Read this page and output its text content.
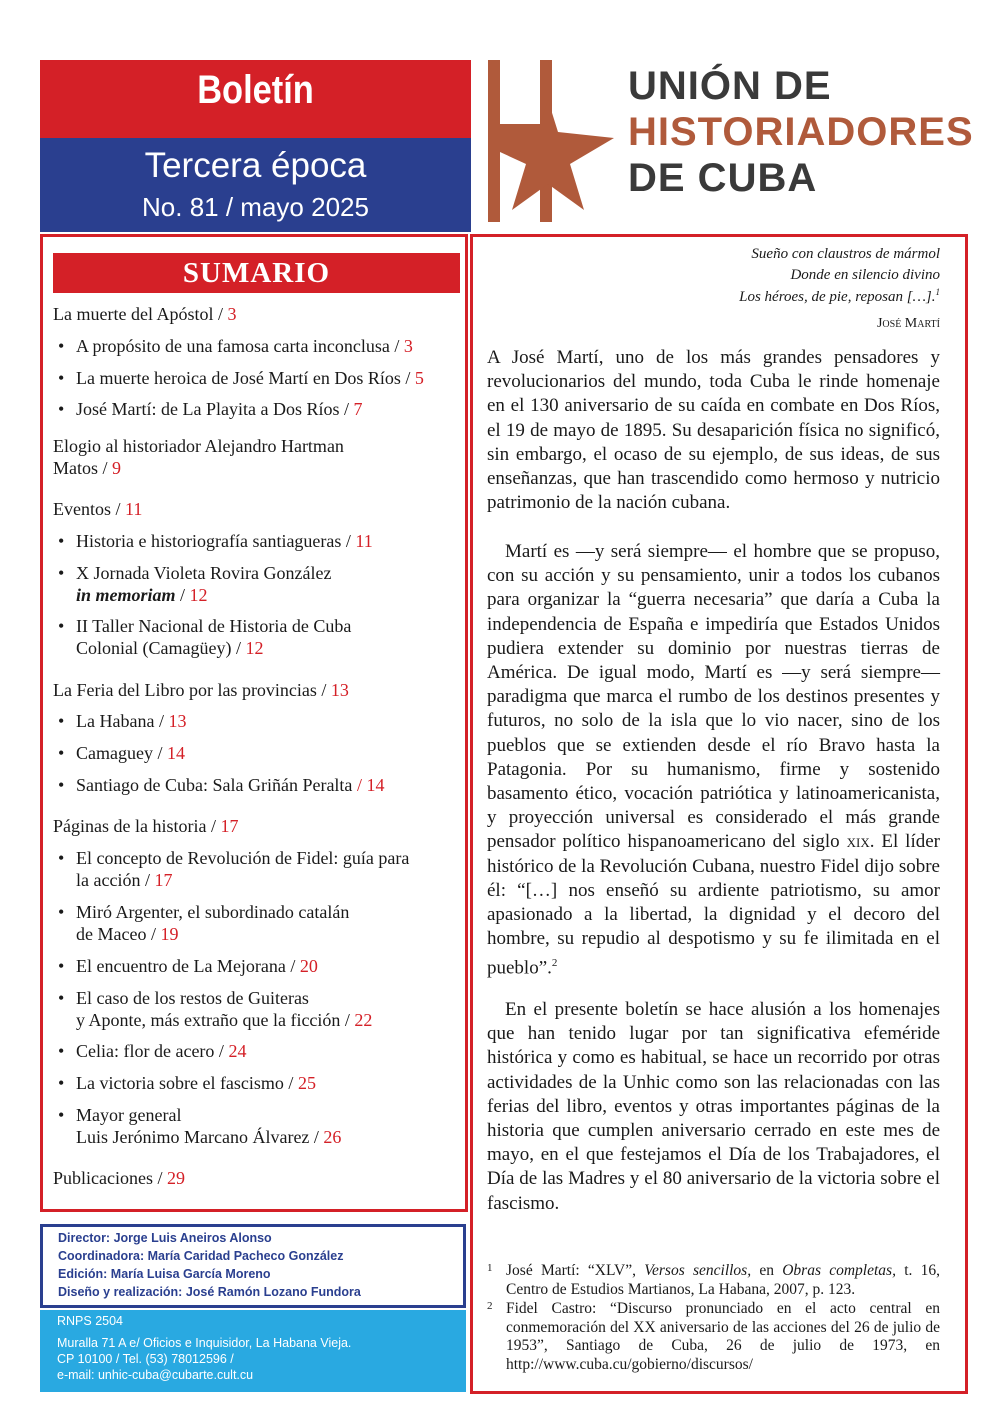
Boletín
Tercera época
No. 81 / mayo 2025
UNIÓN DE
HISTORIADORES
DE CUBA
SUMARIO
La muerte del Apóstol / 3
• A propósito de una famosa carta inconclusa / 3
• La muerte heroica de José Martí en Dos Ríos / 5
• José Martí: de La Playita a Dos Ríos / 7
Elogio al historiador Alejandro Hartman
Matos / 9
Eventos / 11
• Historia e historiografía santiagueras / 11
• X Jornada Violeta Rovira González
in memoriam / 12
• II Taller Nacional de Historia de Cuba
Colonial (Camagüey) / 12
La Feria del Libro por las provincias / 13
• La Habana / 13
• Camaguey / 14
• Santiago de Cuba: Sala Griñán Peralta / 14
Páginas de la historia / 17
• El concepto de Revolución de Fidel: guía para
la acción / 17
• Miró Argenter, el subordinado catalán
de Maceo / 19
• El encuentro de La Mejorana / 20
• El caso de los restos de Guiteras
y Aponte, más extraño que la ficción / 22
• Celia: flor de acero / 24
• La victoria sobre el fascismo / 25
• Mayor general
Luis Jerónimo Marcano Álvarez / 26
Publicaciones / 29
Director: Jorge Luis Aneiros Alonso
Coordinadora: María Caridad Pacheco González
Edición: María Luisa García Moreno
Diseño y realización: José Ramón Lozano Fundora
RNPS 2504
Muralla 71 A e/ Oficios e Inquisidor, La Habana Vieja.
CP 10100 / Tel. (53) 78012596 /
e-mail: unhic-cuba@cubarte.cult.cu
Sueño con claustros de mármol
Donde en silencio divino
Los héroes, de pie, reposan […].$^1$
José Martí
A José Martí, uno de los más grandes pensadores y revolucionarios del mundo, toda Cuba le rinde homenaje en el 130 aniversario de su caída en combate en Dos Ríos, el 19 de mayo de 1895. Su desaparición física no significó, sin embargo, el ocaso de su ejemplo, de sus ideas, de sus enseñanzas, que han trascendido como hermoso y nutricio patrimonio de la nación cubana.
Martí es —y será siempre— el hombre que se propuso, con su acción y su pensamiento, unir a todos los cubanos para organizar la “guerra necesaria” que daría a Cuba la independencia de España e impediría que Estados Unidos pudiera extender su dominio por nuestras tierras de América. De igual modo, Martí es —y será siempre— paradigma que marca el rumbo de los destinos presentes y futuros, no solo de la isla que lo vio nacer, sino de los pueblos que se extienden desde el río Bravo hasta la Patagonia. Por su humanismo, firme y sostenido basamento ético, vocación patriótica y latinoamericanista, y proyección universal es considerado el más grande pensador político hispanoamericano del siglo xix. El líder histórico de la Revolución Cubana, nuestro Fidel dijo sobre él: “[…] nos enseñó su ardiente patriotismo, su amor apasionado a la libertad, la dignidad y el decoro del hombre, su repudio al despotismo y su fe ilimitada en el pueblo”.$^2$
En el presente boletín se hace alusión a los homenajes que han tenido lugar por tan significativa efeméride histórica y como es habitual, se hace un recorrido por otras actividades de la Unhic como son las relacionadas con las ferias del libro, eventos y otras importantes páginas de la historia que cumplen aniversario cerrado en este mes de mayo, en el que festejamos el Día de los Trabajadores, el Día de las Madres y el 80 aniversario de la victoria sobre el fascismo.
1 José Martí: “XLV”, Versos sencillos, en Obras completas, t. 16, Centro de Estudios Martianos, La Habana, 2007, p. 123.
2 Fidel Castro: “Discurso pronunciado en el acto central en conmemoración del XX aniversario de las acciones del 26 de julio de 1953”, Santiago de Cuba, 26 de julio de 1973, en http://www.cuba.cu/gobierno/discursos/
